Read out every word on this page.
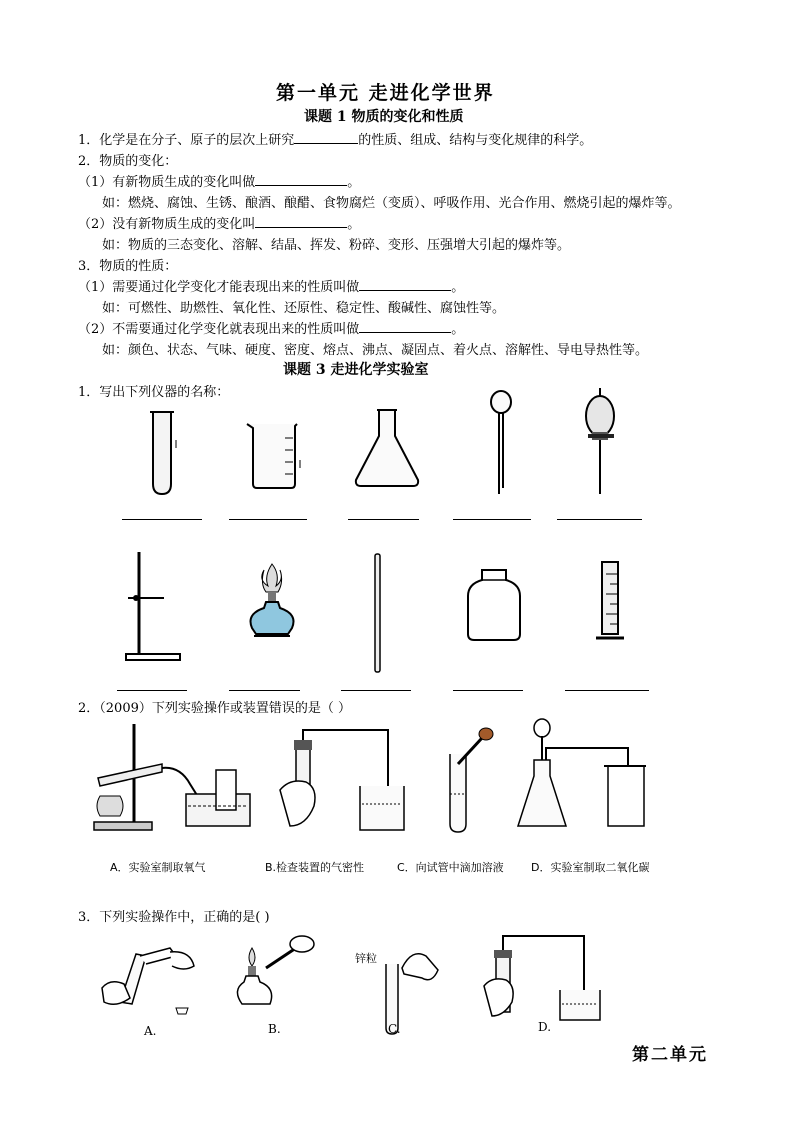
第一单元 走进化学世界
课题 1 物质的变化和性质
1．化学是在分子、原子的层次上研究	的性质、组成、结构与变化规律的科学。
2．物质的变化：
（1）有新物质生成的变化叫做	。
如：燃烧、腐蚀、生锈、酿酒、酿醋、食物腐烂（变质）、呼吸作用、光合作用、燃烧引起的爆炸等。
（2）没有新物质生成的变化叫	。
如：物质的三态变化、溶解、结晶、挥发、粉碎、变形、压强增大引起的爆炸等。
3．物质的性质：
（1）需要通过化学变化才能表现出来的性质叫做	。
如：可燃性、助燃性、氧化性、还原性、稳定性、酸碱性、腐蚀性等。
（2）不需要通过化学变化就表现出来的性质叫做	。
如：颜色、状态、气味、硬度、密度、熔点、沸点、凝固点、着火点、溶解性、导电导热性等。
课题 3 走进化学实验室
1．写出下列仪器的名称：
2．（2009）下列实验操作或装置错误的是（ ）
A．实验室制取氧气	B.检查装置的气密性	C．向试管中滴加溶液 D．实验室制取二氧化碳
3．下列实验操作中，正确的是( )
锌粒
A.	B.	C.	D.
第二单元
